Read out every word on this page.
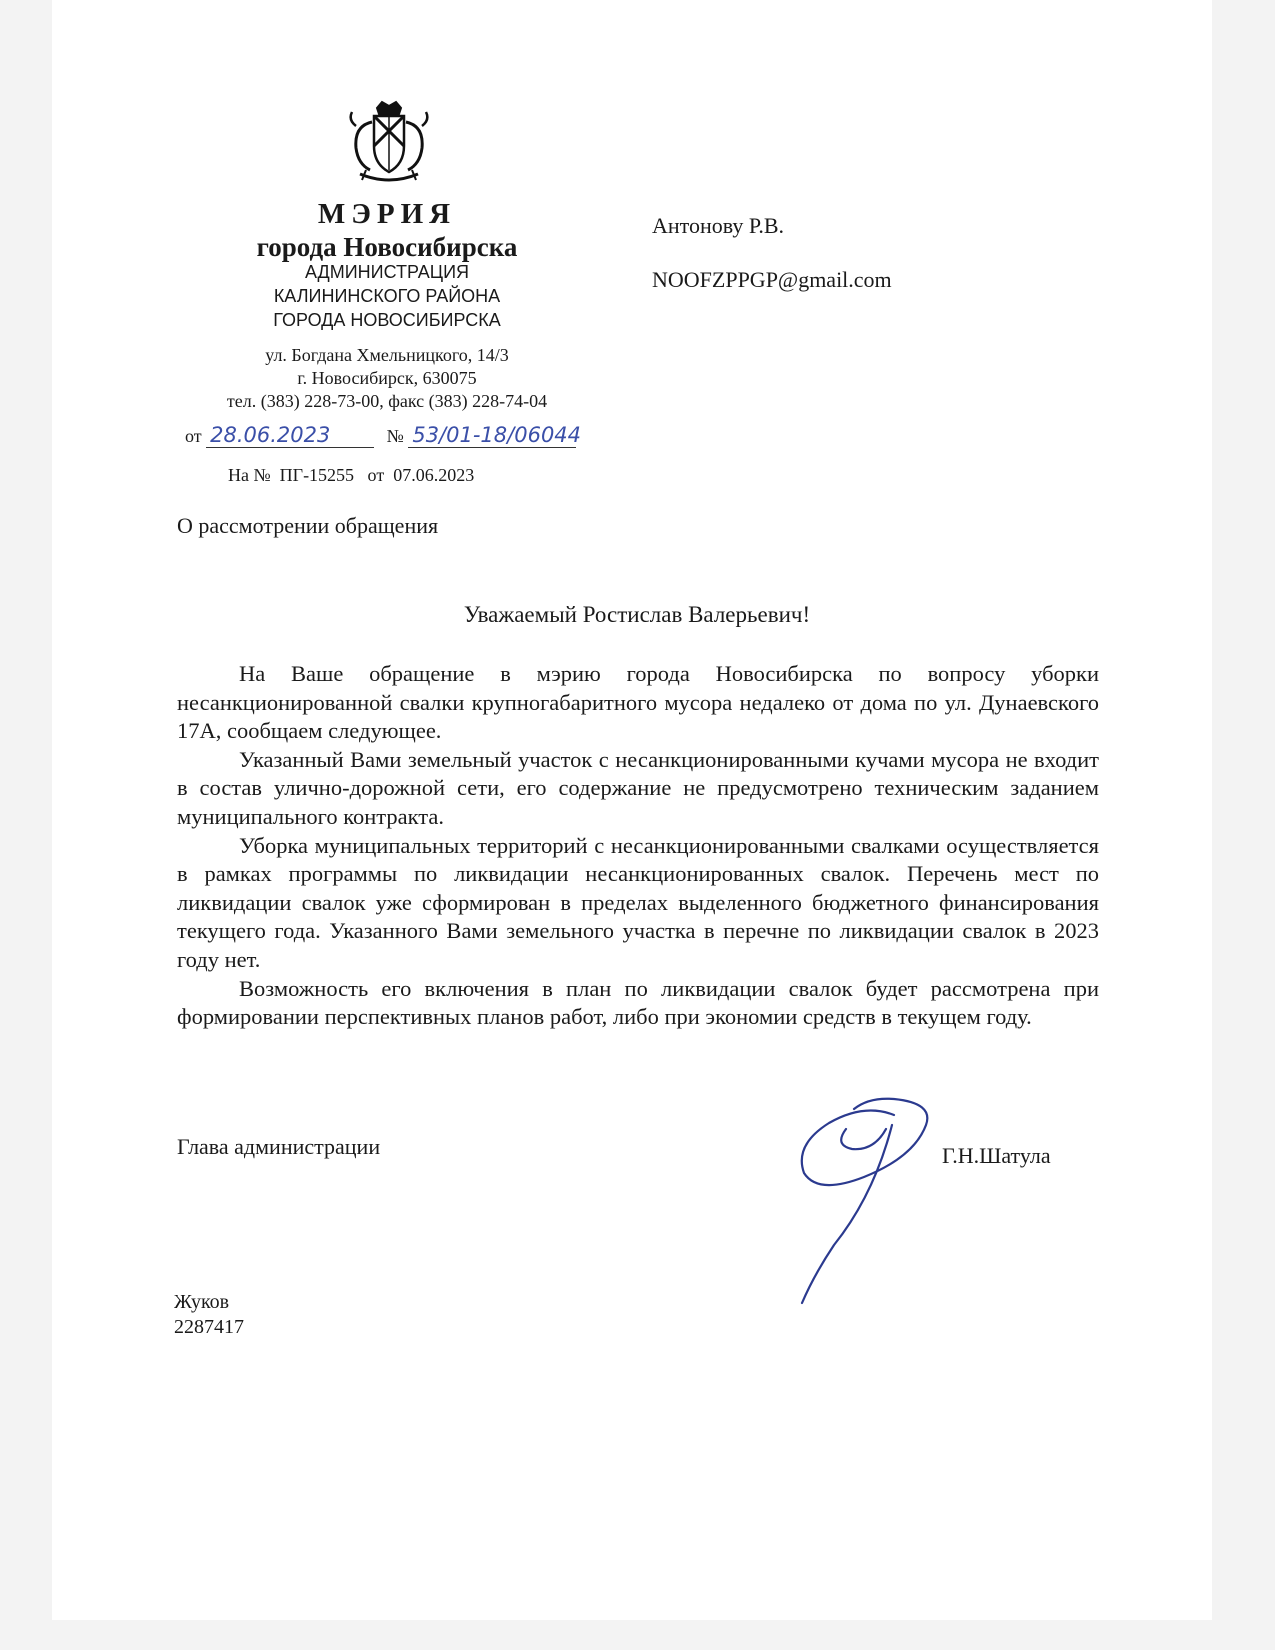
МЭРИЯ
города Новосибирска
АДМИНИСТРАЦИЯ
КАЛИНИНСКОГО РАЙОНА
ГОРОДА НОВОСИБИРСКА
ул. Богдана Хмельницкого, 14/3
г. Новосибирск, 630075
тел. (383) 228-73-00, факс (383) 228-74-04
от 28.06.2023	№ 53/01-18/06044
На №  ПГ-15255   от  07.06.2023
Антонову Р.В.
NOOFZPPGP@gmail.com
О рассмотрении обращения
Уважаемый Ростислав Валерьевич!

На Ваше обращение в мэрию города Новосибирска по вопросу уборки несанкционированной свалки крупногабаритного мусора недалеко от дома по ул. Дунаевского 17А, сообщаем следующее.

Указанный Вами земельный участок с несанкционированными кучами мусора не входит в состав улично-дорожной сети, его содержание не предусмотрено техническим заданием муниципального контракта.

Уборка муниципальных территорий с несанкционированными свалками осуществляется в рамках программы по ликвидации несанкционированных свалок. Перечень мест по ликвидации свалок уже сформирован в пределах выделенного бюджетного финансирования текущего года. Указанного Вами земельного участка в перечне по ликвидации свалок в 2023 году нет.

Возможность его включения в план по ликвидации свалок будет рассмотрена при формировании перспективных планов работ, либо при экономии средств в текущем году.

Глава администрации	Г.Н.Шатула
Жуков
2287417
